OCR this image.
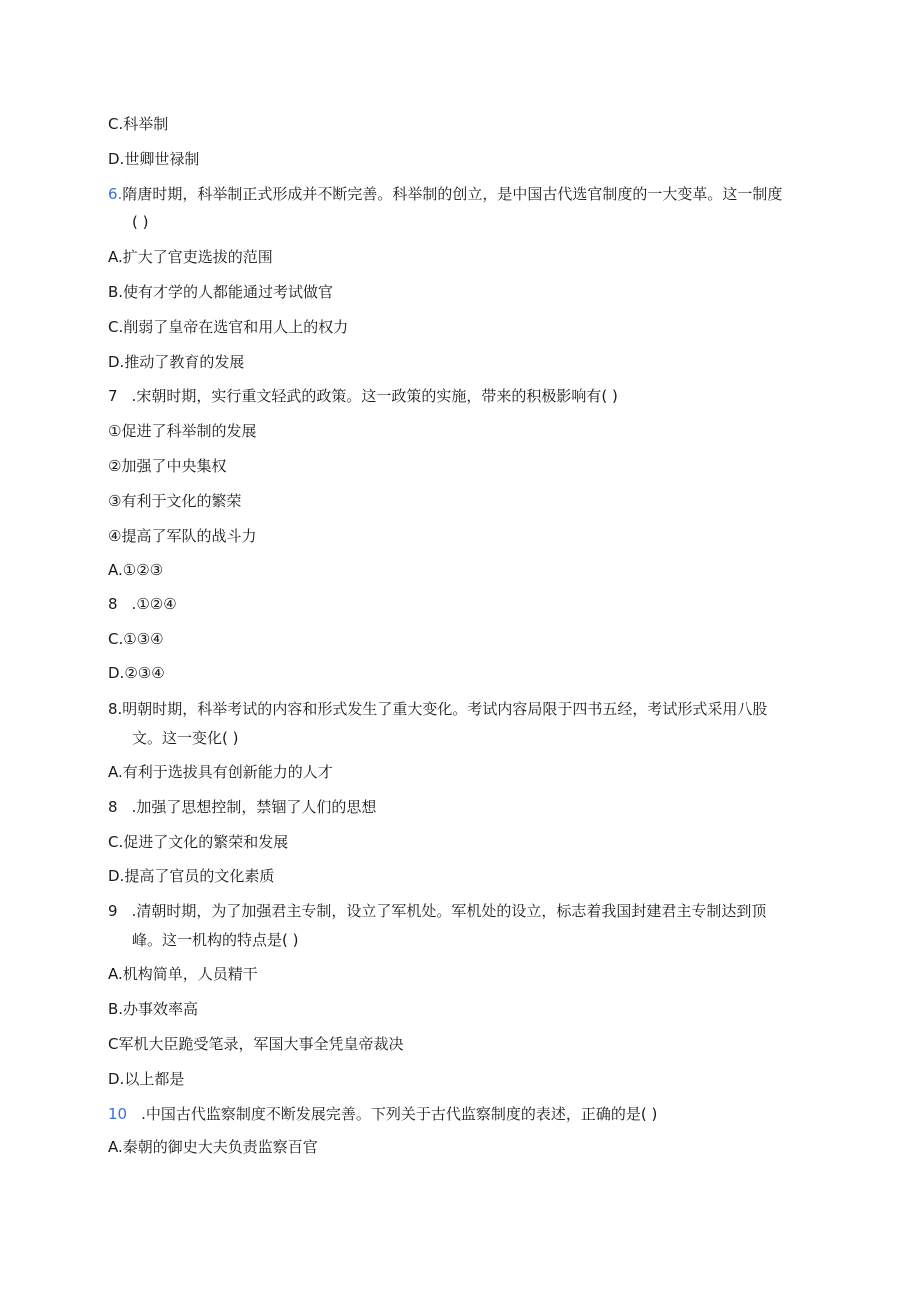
C.科举制
D.世卿世禄制
6.隋唐时期，科举制正式形成并不断完善。科举制的创立，是中国古代选官制度的一大变革。这一制度
( )
A.扩大了官吏选拔的范围
B.使有才学的人都能通过考试做官
C.削弱了皇帝在选官和用人上的权力
D.推动了教育的发展
7 .宋朝时期，实行重文轻武的政策。这一政策的实施，带来的积极影响有( )
①促进了科举制的发展
②加强了中央集权
③有利于文化的繁荣
④提高了军队的战斗力
A.①②③
8 .①②④
C.①③④
D.②③④
8.明朝时期，科举考试的内容和形式发生了重大变化。考试内容局限于四书五经，考试形式采用八股
文。这一变化( )
A.有利于选拔具有创新能力的人才
8 .加强了思想控制，禁锢了人们的思想
C.促进了文化的繁荣和发展
D.提高了官员的文化素质
9 .清朝时期，为了加强君主专制，设立了军机处。军机处的设立，标志着我国封建君主专制达到顶
峰。这一机构的特点是( )
A.机构简单，人员精干
B.办事效率高
C军机大臣跪受笔录，军国大事全凭皇帝裁决
D.以上都是
10 .中国古代监察制度不断发展完善。下列关于古代监察制度的表述，正确的是( )
A.秦朝的御史大夫负责监察百官
